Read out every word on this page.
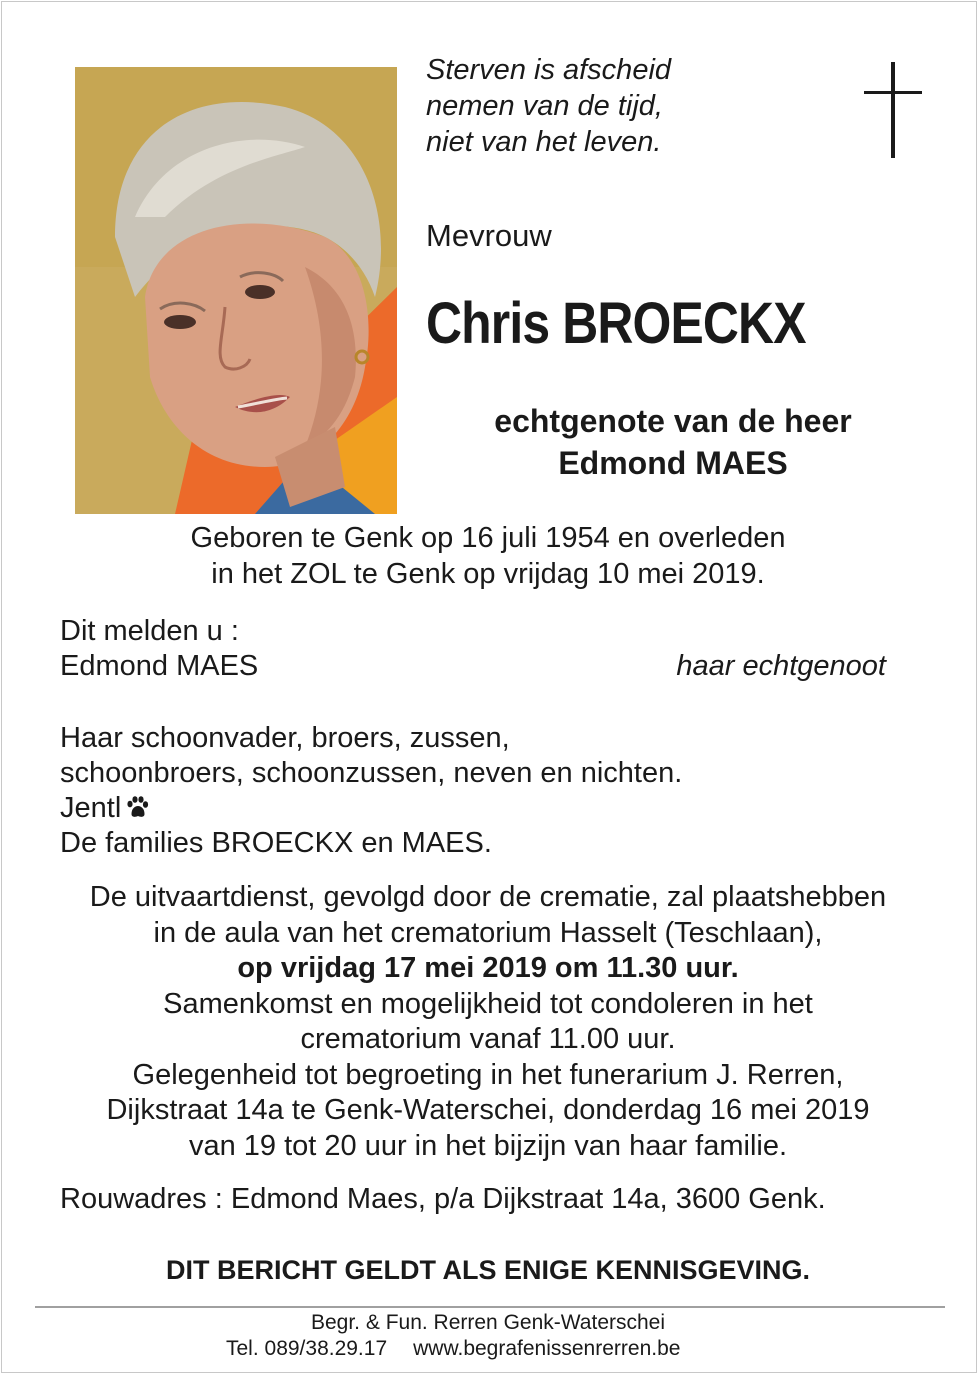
Sterven is afscheid
nemen van de tijd,
niet van het leven.
Mevrouw
Chris BROECKX
echtgenote van de heer
Edmond MAES
Geboren te Genk op 16 juli 1954 en overleden
in het ZOL te Genk op vrijdag 10 mei 2019.
Dit melden u :
Edmond MAES	haar echtgenoot
Haar schoonvader, broers, zussen,
schoonbroers, schoonzussen, neven en nichten.
Jentl
De families BROECKX en MAES.
De uitvaartdienst, gevolgd door de crematie, zal plaatshebben
in de aula van het crematorium Hasselt (Teschlaan),
op vrijdag 17 mei 2019 om 11.30 uur.
Samenkomst en mogelijkheid tot condoleren in het
crematorium vanaf 11.00 uur.
Gelegenheid tot begroeting in het funerarium J. Rerren,
Dijkstraat 14a te Genk-Waterschei, donderdag 16 mei 2019
van 19 tot 20 uur in het bijzijn van haar familie.
Rouwadres : Edmond Maes, p/a Dijkstraat 14a, 3600 Genk.
DIT BERICHT GELDT ALS ENIGE KENNISGEVING.
Begr. & Fun. Rerren Genk-Waterschei
Tel. 089/38.29.17 www.begrafenissenrerren.be
